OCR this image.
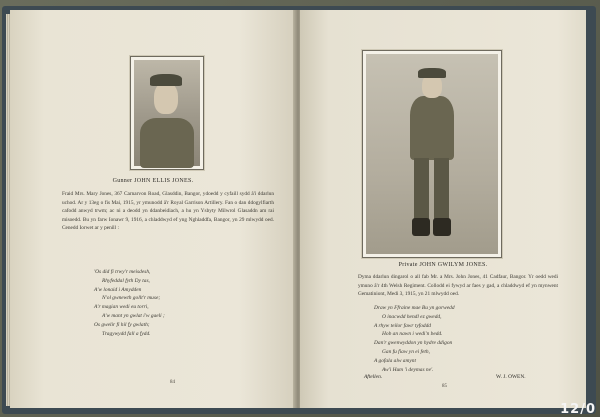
Gunner JOHN ELLIS JONES.
Fraid Mrs. Mary Jones, 367 Carnarvon Road, Glasddin, Bangor, ydoedd y cyfaill sydd â'i ddarlun uchod. Ar y 13eg o fis Mai, 1915, yr ymunodd â'r Royal Garrison Artillery. Fan o dan ddogylfiarth cafodd anwyd trwm; ac ni a deodd yn ddanbeidiach, a hu yn Ysbyty Milwrol Glasaddn am rai misoedd. Bu yn farw Ionawr 9, 1916, a chladdwyd ef yng Nghladdfa, Bangor, yn 29 mlwydd oed. Cenedd Iorwet ar y penill :
'Os did fi trwy'r meisdesh,
Rhyfeddal fyth Dy tas,
A'w lonaid i Amydden
N'ol gwnewth gollt'r muse;
A'r magian wedi eu torri,
A'w mant yn gwlat i'w gaeli ;
Os gwelir fi hil fy gwlath;
Tragywydd fall a fydd.
84
Private JOHN GWILYM JONES.
Dyma ddarlun dingarol o all fab Mr. a Mrs. John Jones, 41 Cadfaur, Bangor. Yr oedd wedi ymuno â'r 4th Welsh Regiment. Collodd ei fywyd ar faes y gad, a chladdwyd ef yn mynwent Gematiniont, Medi 3, 1915, yn 21 mlwydd oed.
Draw yn Ffraine mae Bu yn gorwedd
O inacwdd hendl ez gwedd,
A rhyw teilor fawr tyfoddd
Hob an nawn i wedi'n bedd.
Dan'r gwenwyddon yn hydre ddigon
Gan fu fiaw yn ei feth,
A gofala alw amynt
Aw'i Hum 'i deymas ne'.
Aftellen.	W. J. OWEN.
85
12/0
